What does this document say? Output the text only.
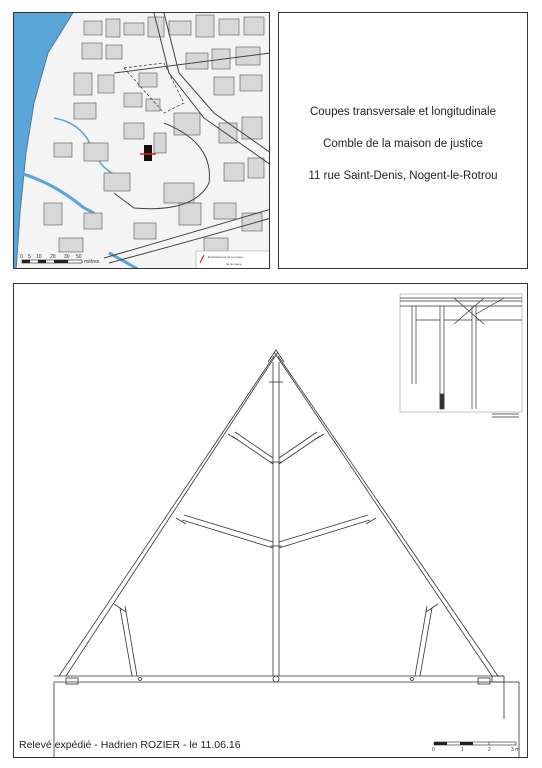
0 5 10 20 30 50
mètres
Emplacement de la coupe
de la coupe
Coupes transversale et longitudinale
Comble de la maison de justice
11 rue Saint-Denis, Nogent-le-Rotrou
0	1	2	3 m
Relevé expédié - Hadrien ROZIER - le 11.06.16
